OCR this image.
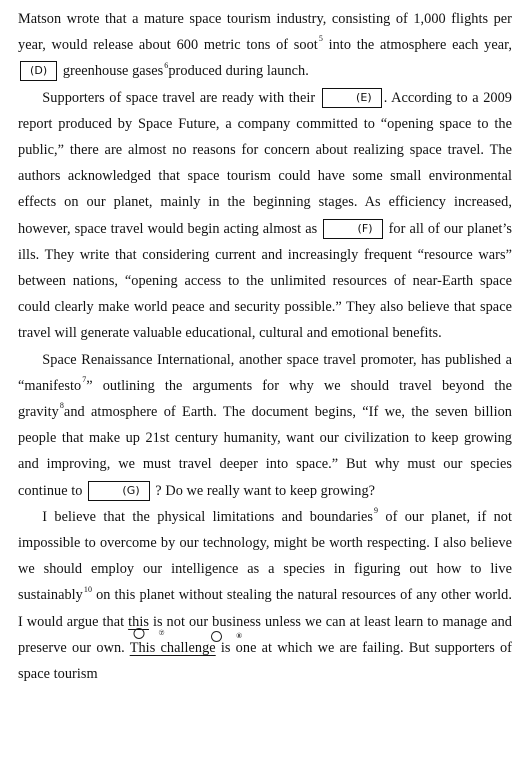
Matson wrote that a mature space tourism industry, consisting of 1,000 flights per year, would release about 600 metric tons of soot$^5$ into the atmosphere each year, (D) greenhouse gases$^6$produced during launch.

Supporters of space travel are ready with their	(E) . According to a 2009 report produced by Space Future, a company committed to “opening space to the public,” there are almost no reasons for concern about realizing space travel. The authors acknowledged that space tourism could have some small environmental effects on our planet, mainly in the beginning stages. As efficiency increased, however, space travel would begin acting almost as	(F) for all of our planet’s ills. They write that considering current and increasingly frequent “resource wars” between nations, “opening access to the unlimited resources of near-Earth space could clearly make world peace and security possible.” They also believe that space travel will generate valuable educational, cultural and emotional benefits.

Space Renaissance International, another space travel promoter, has published a “manifesto$^7$” outlining the arguments for why we should travel beyond the gravity$^8$and atmosphere of Earth. The document begins, “If we, the seven billion people that make up 21st century humanity, want our civilization to keep growing and improving, we must travel deeper into space.” But why must our species continue to	(G) ? Do we really want to keep growing?

I believe that the physical limitations and boundaries$^9$ of our planet, if not impossible to overcome by our technology, might be worth respecting. I also believe we should employ our intelligence as a species in figuring out how to live sustainably$^{10}$ on this planet without stealing the natural resources of any other world. I would argue that this
⑦
is not our business unless we can at least learn to manage and preserve our own. This challenge
⑧
is one at which we are failing. But supporters of space tourism
